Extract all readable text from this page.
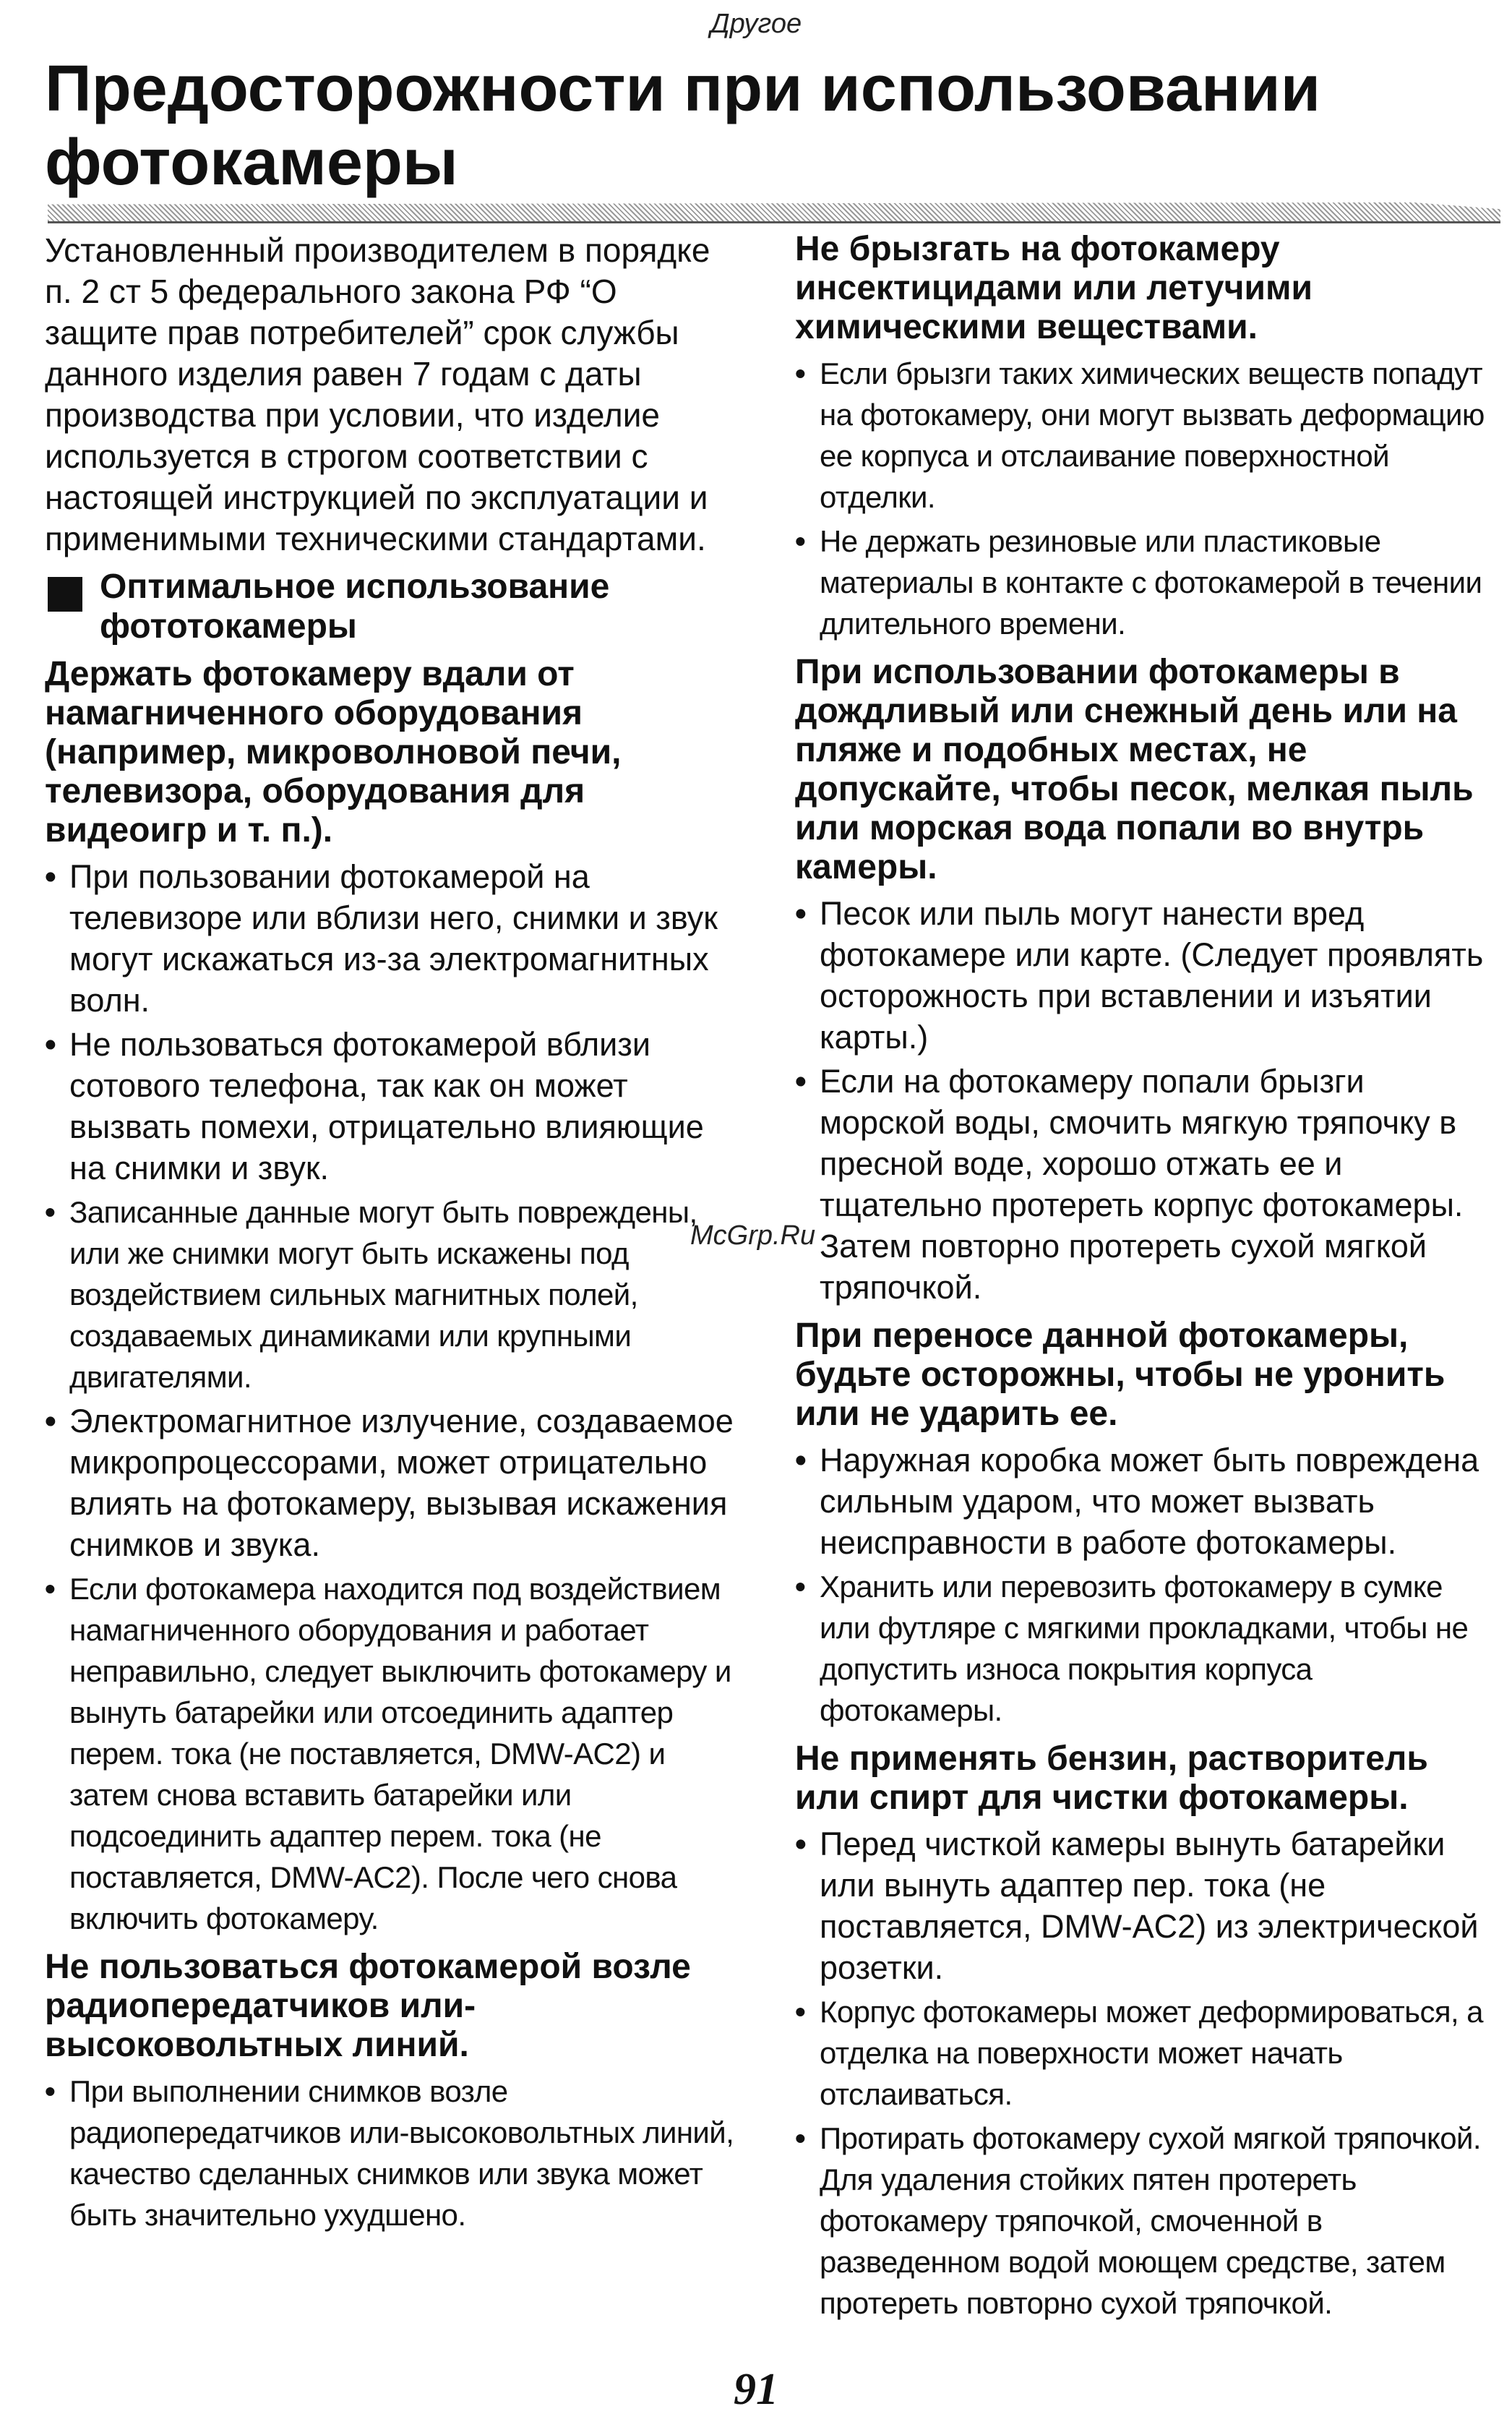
Другое
Предосторожности при использовании фотокамеры

Установленный производителем в порядке п. 2 ст 5 федерального закона РФ “О защите прав потребителей” срок службы данного изделия равен 7 годам с даты производства при условии, что изделие используется в строгом соответствии с настоящей инструкцией по эксплуатации и применимыми техническими стандартами.

Оптимальное использование фототокамеры
Держать фотокамеру вдали от намагниченного оборудования (например, микроволновой печи, телевизора, оборудования для видеоигр и т. п.).
• При пользовании фотокамерой на телевизоре или вблизи него, снимки и звук могут искажаться из-за электромагнитных волн.
• Не пользоваться фотокамерой вблизи сотового телефона, так как он может вызвать помехи, отрицательно влияющие на снимки и звук.
• Записанные данные могут быть повреждены, или же снимки могут быть искажены под воздействием сильных магнитных полей, создаваемых динамиками или крупными двигателями.
• Электромагнитное излучение, создаваемое микропроцессорами, может отрицательно влиять на фотокамеру, вызывая искажения снимков и звука.
• Если фотокамера находится под воздействием намагниченного оборудования и работает неправильно, следует выключить фотокамеру и вынуть батарейки или отсоединить адаптер перем. тока (не поставляется, DMW-AC2) и затем снова вставить батарейки или подсоединить адаптер перем. тока (не поставляется, DMW-AC2). После чего снова включить фотокамеру.
Не пользоваться фотокамерой возле радиопередатчиков или-высоковольтных линий.
• При выполнении снимков возле радиопередатчиков или-высоковольтных линий, качество сделанных снимков или звука может быть значительно ухудшено.
Не брызгать на фотокамеру инсектицидами или летучими химическими веществами.
• Если брызги таких химических веществ попадут на фотокамеру, они могут вызвать деформацию ее корпуса и отслаивание поверхностной отделки.
• Не держать резиновые или пластиковые материалы в контакте с фотокамерой в течении длительного времени.
При использовании фотокамеры в дождливый или снежный день или на пляже и подобных местах, не допускайте, чтобы песок, мелкая пыль или морская вода попали во внутрь камеры.
• Песок или пыль могут нанести вред фотокамере или карте. (Следует проявлять осторожность при вставлении и изъятии карты.)
• Если на фотокамеру попали брызги морской воды, смочить мягкую тряпочку в пресной воде, хорошо отжать ее и тщательно протереть корпус фотокамеры. Затем повторно протереть сухой мягкой тряпочкой.
При переносе данной фотокамеры, будьте осторожны, чтобы не уронить или не ударить ее.
• Наружная коробка может быть повреждена сильным ударом, что может вызвать неисправности в работе фотокамеры.
• Хранить или перевозить фотокамеру в сумке или футляре с мягкими прокладками, чтобы не допустить износа покрытия корпуса фотокамеры.
Не применять бензин, растворитель или спирт для чистки фотокамеры.
• Перед чисткой камеры вынуть батарейки или вынуть адаптер пер. тока (не поставляется, DMW-AC2) из электрической розетки.
• Корпус фотокамеры может деформироваться, а отделка на поверхности может начать отслаиваться.
• Протирать фотокамеру сухой мягкой тряпочкой. Для удаления стойких пятен протереть фотокамеру тряпочкой, смоченной в разведенном водой моющем средстве, затем протереть повторно сухой тряпочкой.
McGrp.Ru
91
